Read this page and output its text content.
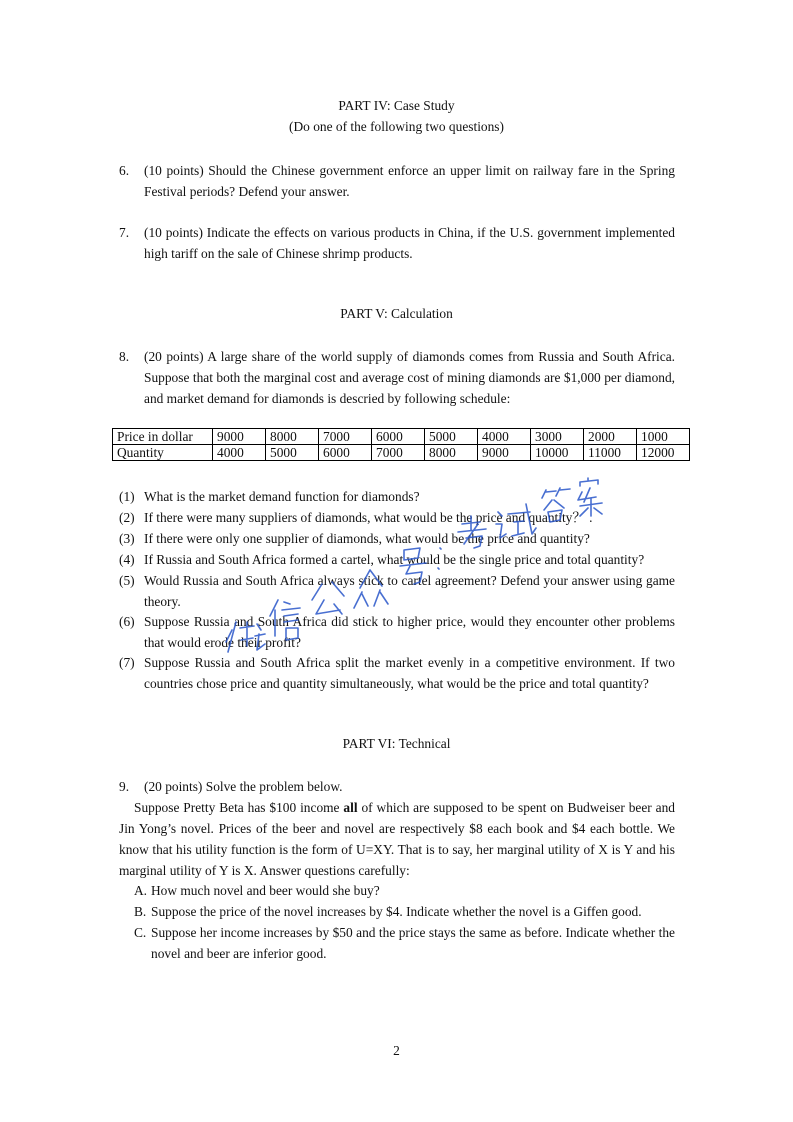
PART IV: Case Study
(Do one of the following two questions)
6. (10 points) Should the Chinese government enforce an upper limit on railway fare in the Spring Festival periods? Defend your answer.
7. (10 points) Indicate the effects on various products in China, if the U.S. government implemented high tariff on the sale of Chinese shrimp products.
PART V: Calculation
8. (20 points) A large share of the world supply of diamonds comes from Russia and South Africa. Suppose that both the marginal cost and average cost of mining diamonds are $1,000 per diamond, and market demand for diamonds is descried by following schedule:
Price in dollar	9000	8000	7000	6000	5000	4000	3000	2000	1000
Quantity	4000	5000	6000	7000	8000	9000	10000	11000	12000
(1) What is the market demand function for diamonds?
(2) If there were many suppliers of diamonds, what would be the price and quantity？ .
(3) If there were only one supplier of diamonds, what would be the price and quantity?
(4) If Russia and South Africa formed a cartel, what would be the single price and total quantity?
(5) Would Russia and South Africa always stick to cartel agreement? Defend your answer using game theory.
(6) Suppose Russia and South Africa did stick to higher price, would they encounter other problems that would erode their profit?
(7) Suppose Russia and South Africa split the market evenly in a competitive environment. If two countries chose price and quantity simultaneously, what would be the price and total quantity?
PART VI: Technical
9. (20 points) Solve the problem below.
Suppose Pretty Beta has $100 income all of which are supposed to be spent on Budweiser beer and Jin Yong’s novel. Prices of the beer and novel are respectively $8 each book and $4 each bottle. We know that his utility function is the form of U=XY. That is to say, her marginal utility of X is Y and his marginal utility of Y is X. Answer questions carefully:
A. How much novel and beer would she buy?
B. Suppose the price of the novel increases by $4. Indicate whether the novel is a Giffen good.
C. Suppose her income increases by $50 and the price stays the same as before. Indicate whether the novel and beer are inferior good.
2
